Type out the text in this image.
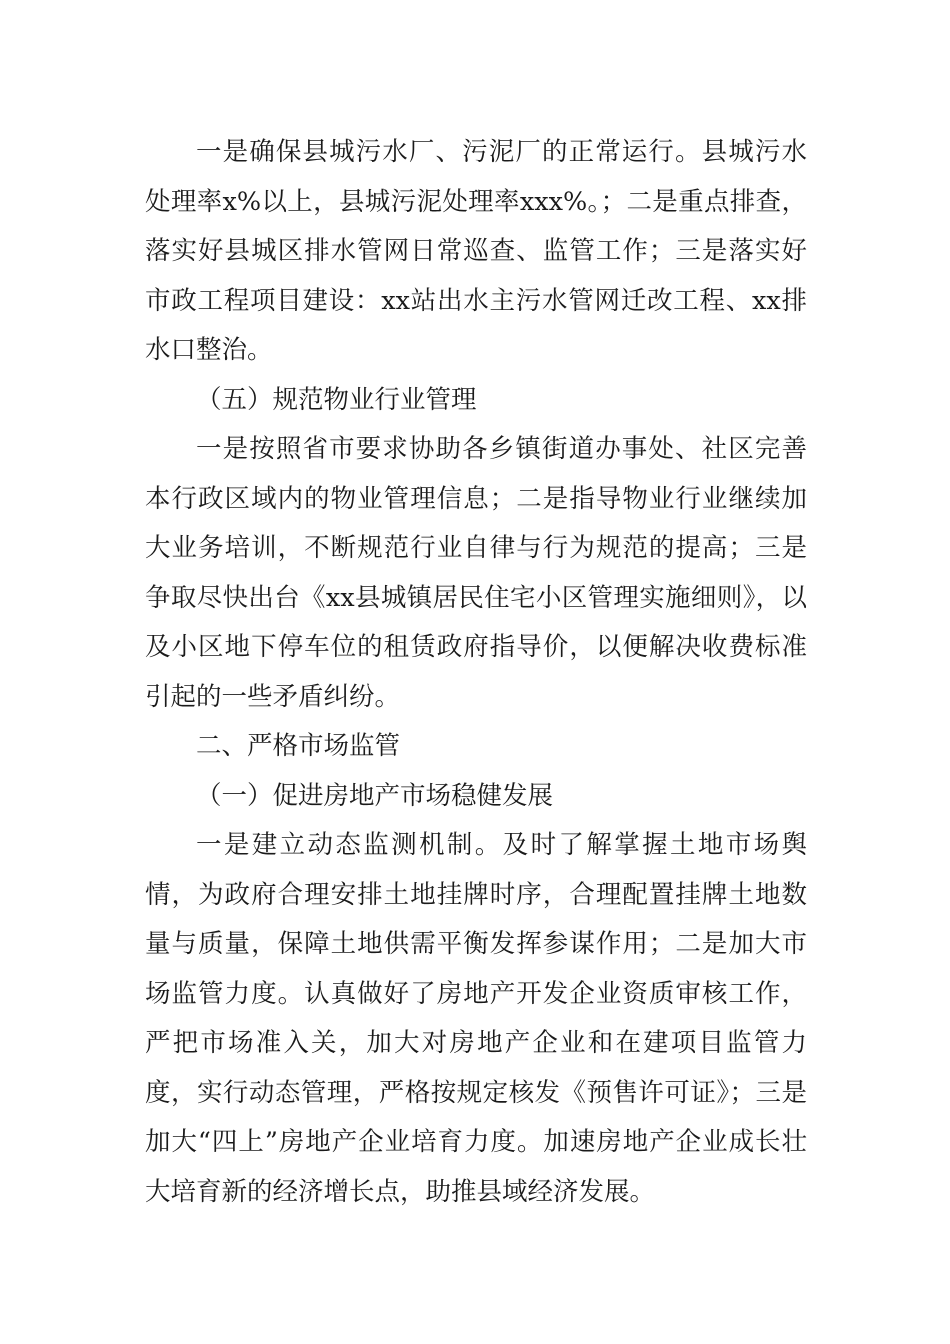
一是确保县城污水厂、污泥厂的正常运行。县城污水处理率x%以上，县城污泥处理率xxx%。；二是重点排查，落实好县城区排水管网日常巡查、监管工作；三是落实好市政工程项目建设：xx站出水主污水管网迁改工程、xx排水口整治。

（五）规范物业行业管理

一是按照省市要求协助各乡镇街道办事处、社区完善本行政区域内的物业管理信息；二是指导物业行业继续加大业务培训，不断规范行业自律与行为规范的提高；三是争取尽快出台《xx县城镇居民住宅小区管理实施细则》，以及小区地下停车位的租赁政府指导价，以便解决收费标准引起的一些矛盾纠纷。

二、严格市场监管

（一）促进房地产市场稳健发展

一是建立动态监测机制。及时了解掌握土地市场舆情，为政府合理安排土地挂牌时序，合理配置挂牌土地数量与质量，保障土地供需平衡发挥参谋作用；二是加大市场监管力度。认真做好了房地产开发企业资质审核工作，严把市场准入关，加大对房地产企业和在建项目监管力度，实行动态管理，严格按规定核发《预售许可证》；三是加大“四上”房地产企业培育力度。加速房地产企业成长壮大培育新的经济增长点，助推县域经济发展。
